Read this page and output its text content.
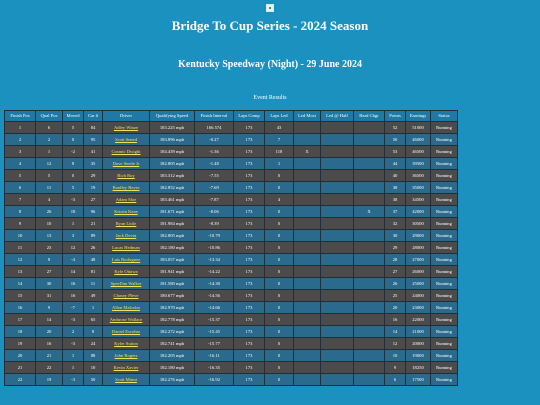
Bridge To Cup Series - 2024 Season
Kentucky Speedway (Night) - 29 June 2024
Event Results
Finish Pos	Qual Pos	Moved	Car #	Driver	Qualifying Speed	Finish Interval	Laps Comp	Laps Led	Led Most	Led @ Half	Hard Chgr	Points	Earnings	Status
1	6	5	84	Adley Winze	183.225 mph	166.574	173	43				52	51000	Running
2	2	0	95	Scott Sneed	183.896 mph	-0.27	173	7				50	46000	Running
3	1	-2	41	Cosmic Dwight	184.439 mph	-1.36	173	118	X			53	46500	Running
4	12	8	35	Dave Steele Jr	182.805 mph	-1.48	173	1				44	39500	Running
5	5	0	29	Rich Roy	183.312 mph	-7.55	173	0				40	36500	Running
6	11	5	19	Bradley Reyes	182.852 mph	-7.69	173	0				38	35000	Running
7	4	-3	27	Adam Sloe	183.461 mph	-7.87	173	4				38	34500	Running
8	26	18	96	Kristin Kane	181.671 mph	-8.06	173	0			X	37	42000	Running
9	10	1	21	Ryan Little	181.984 mph	-8.39	173	0				32	30500	Running
10	13	3	89	Jack Devin	182.805 mph	-10.79	173	0				30	29000	Running
11	23	12	26	Lucas Hedman	182.180 mph	-10.86	173	0				29	28000	Running
12	8	-4	48	Luis Rodriguez	183.057 mph	-13.34	173	0				28	27000	Running
13	27	14	81	Kyle Ottawa	181.941 mph	-14.22	173	0				27	26000	Running
14	30	16	11	SpeeDan Walker	181.580 mph	-14.30	173	0				26	25000	Running
15	31	16	49	Chasey Pleve	180.677 mph	-14.56	173	0				25	24000	Running
16	9	-7	1	Allen Malcolm	182.970 mph	-14.66	173	0				20	23000	Running
17	14	-3	65	Ambrose Wallace	182.778 mph	-15.37	173	0				16	22000	Running
18	20	2	8	Daniel Escobar	182.272 mph	-15.45	173	0				14	21000	Running
19	16	-3	24	Kyler Sutton	182.741 mph	-15.77	173	0				12	20000	Running
20	21	1	88	John Rogers	182.205 mph	-16.11	173	0				10	19000	Running
21	22	1	10	Kevin Xavier	182.180 mph	-16.35	173	0				9	18250	Running
22	19	-3	50	Scott Minni	182.276 mph	-16.92	173	0				6	17500	Running
